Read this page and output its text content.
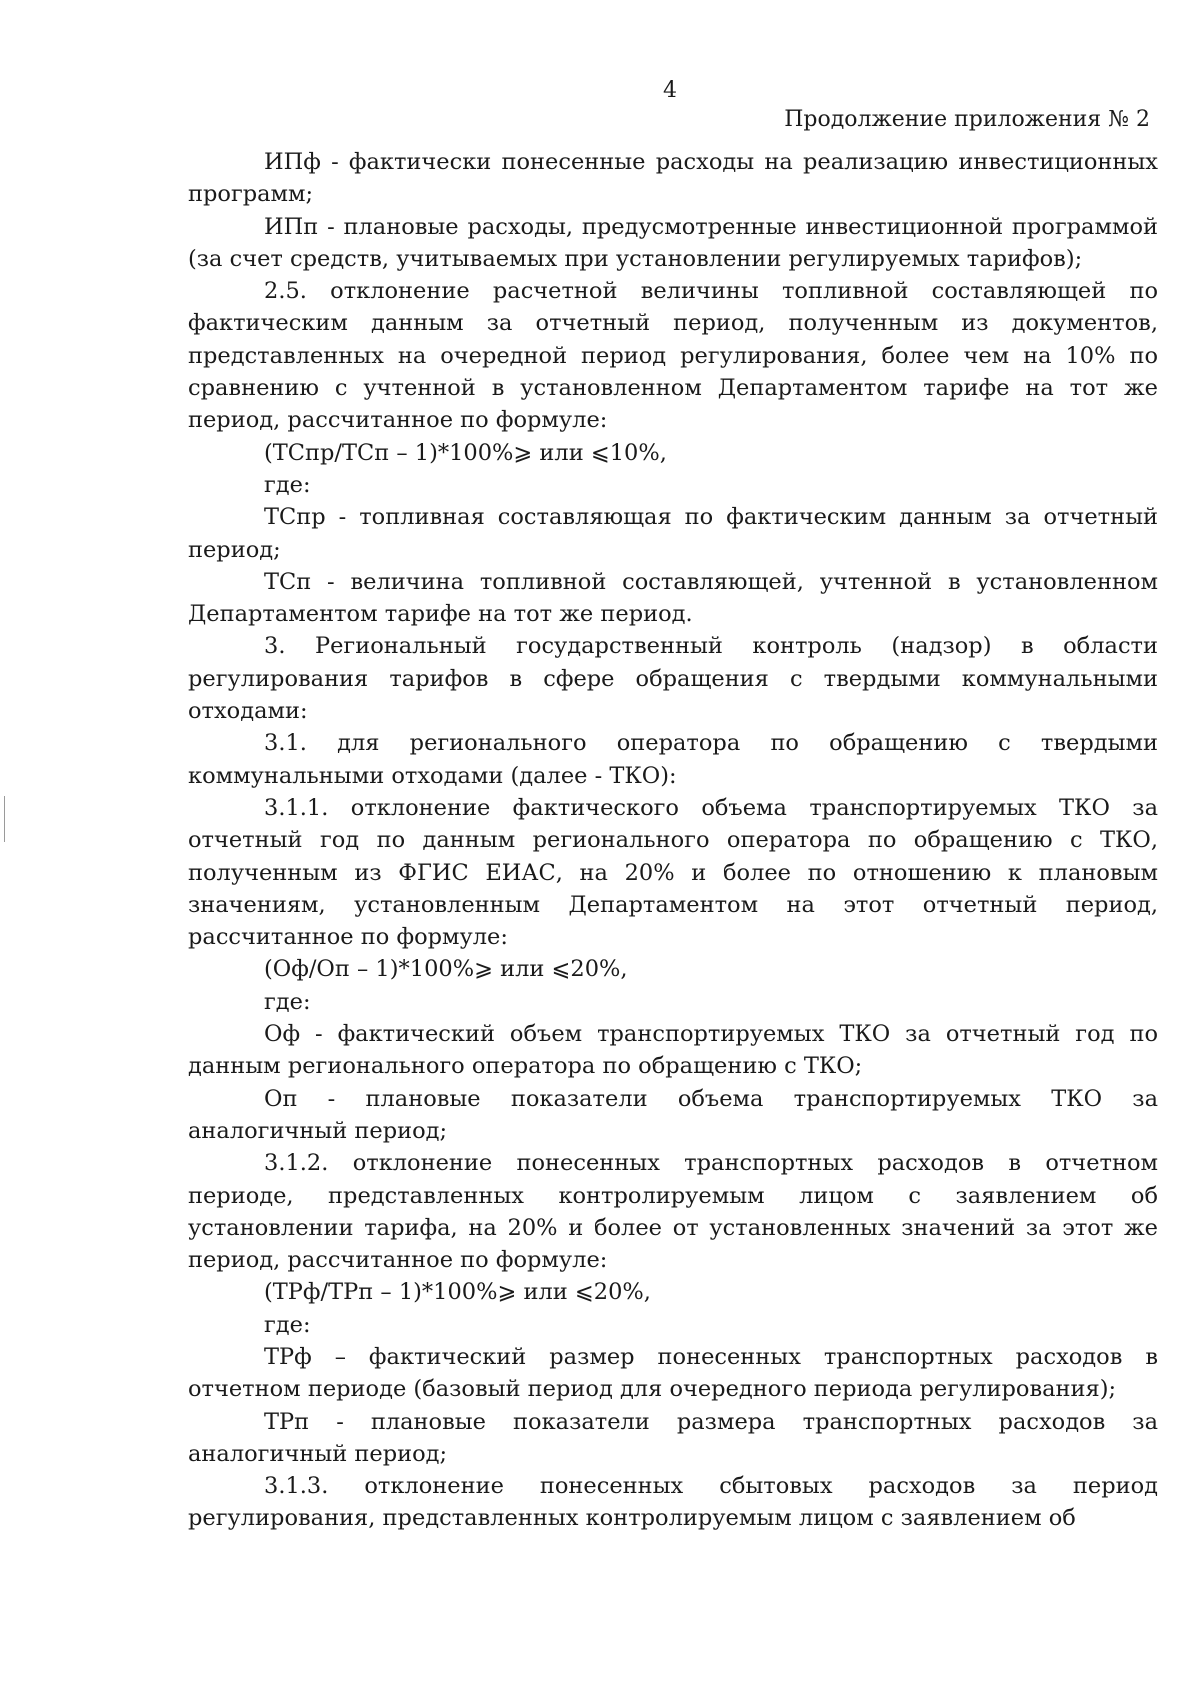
4
Продолжение приложения № 2

ИПф - фактически понесенные расходы на реализацию инвестиционных программ;

ИПп - плановые расходы, предусмотренные инвестиционной программой (за счет средств, учитываемых при установлении регулируемых тарифов);

2.5. отклонение расчетной величины топливной составляющей по фактическим данным за отчетный период, полученным из документов, представленных на очередной период регулирования, более чем на 10% по сравнению с учтенной в установленном Департаментом тарифе на тот же период, рассчитанное по формуле:

(ТСпр/ТСп – 1)*100%⩾ или ⩽10%,

где:

ТСпр - топливная составляющая по фактическим данным за отчетный период;

ТСп - величина топливной составляющей, учтенной в установленном Департаментом тарифе на тот же период.

3. Региональный государственный контроль (надзор) в области регулирования тарифов в сфере обращения с твердыми коммунальными отходами:

3.1. для регионального оператора по обращению с твердыми коммунальными отходами (далее - ТКО):

3.1.1. отклонение фактического объема транспортируемых ТКО за отчетный год по данным регионального оператора по обращению с ТКО, полученным из ФГИС ЕИАС, на 20% и более по отношению к плановым значениям, установленным Департаментом на этот отчетный период, рассчитанное по формуле:

(Оф/Оп – 1)*100%⩾ или ⩽20%,

где:

Оф - фактический объем транспортируемых ТКО за отчетный год по данным регионального оператора по обращению с ТКО;

Оп - плановые показатели объема транспортируемых ТКО за аналогичный период;

3.1.2. отклонение понесенных транспортных расходов в отчетном периоде, представленных контролируемым лицом с заявлением об установлении тарифа, на 20% и более от установленных значений за этот же период, рассчитанное по формуле:

(ТРф/ТРп – 1)*100%⩾ или ⩽20%,

где:

ТРф – фактический размер понесенных транспортных расходов в отчетном периоде (базовый период для очередного периода регулирования);

ТРп - плановые показатели размера транспортных расходов за аналогичный период;

3.1.3. отклонение понесенных сбытовых расходов за период регулирования, представленных контролируемым лицом с заявлением об
